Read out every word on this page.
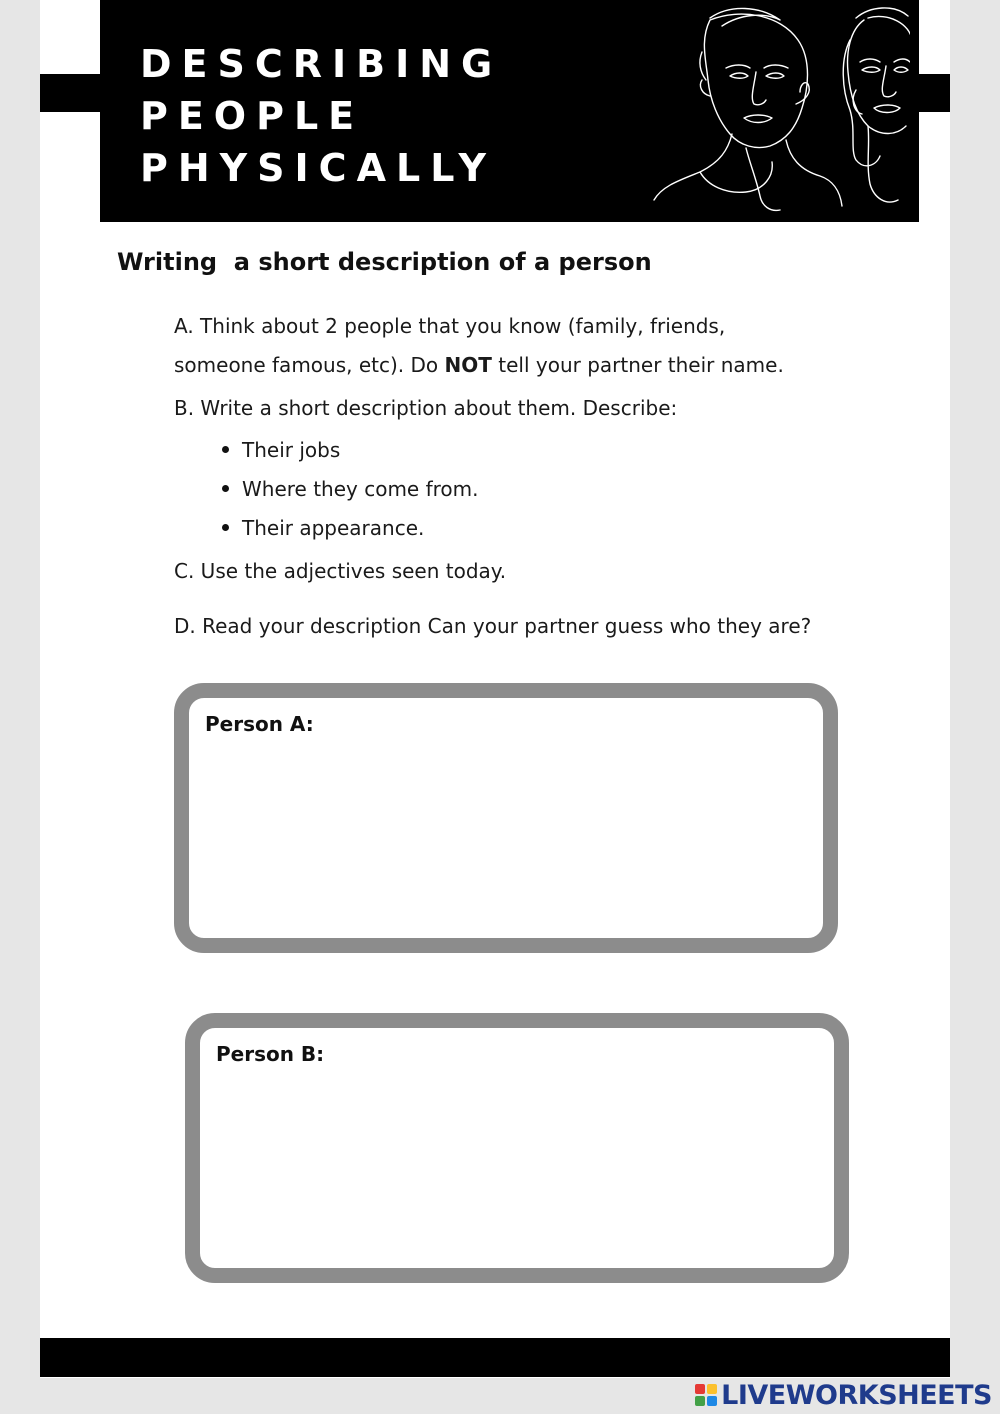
DESCRIBING
PEOPLE
PHYSICALLY
Writing  a short description of a person

A. Think about 2 people that you know (family, friends,

someone famous, etc). Do NOT tell your partner their name.

B. Write a short description about them. Describe:

Their jobs

Where they come from.

Their appearance.

C. Use the adjectives seen today.

D. Read your description Can your partner guess who they are?

Person A:
Person B:
LIVEWORKSHEETS
